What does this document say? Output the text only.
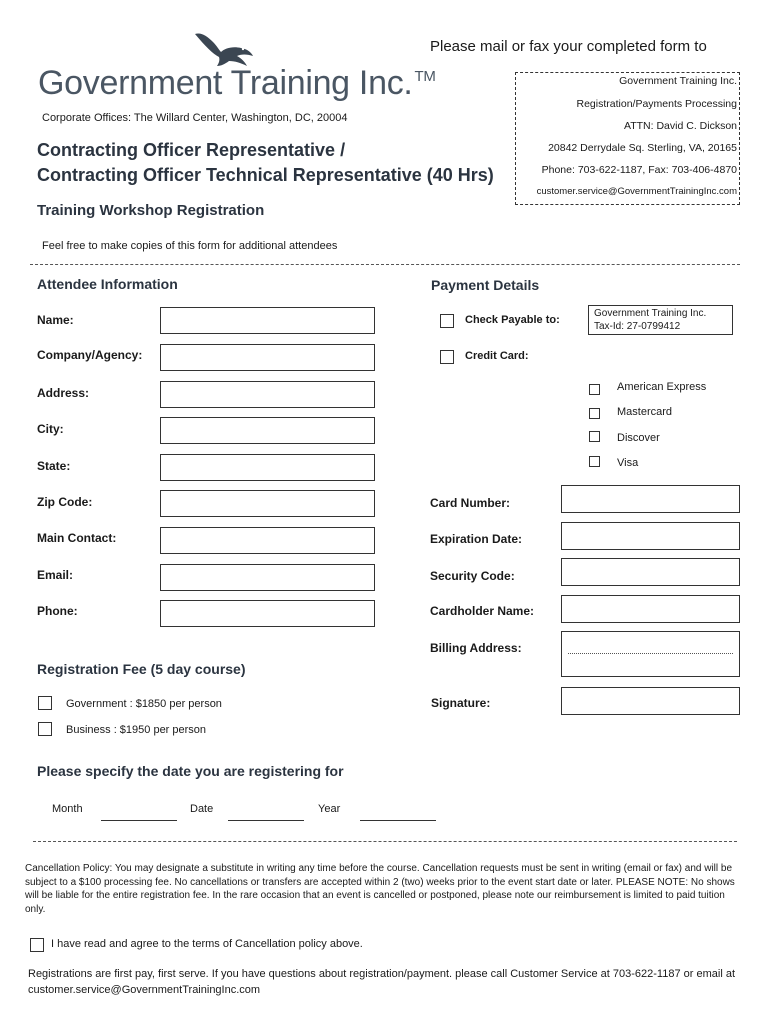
Government Training Inc. ™
Corporate Offices: The Willard Center, Washington, DC, 20004
Contracting Officer Representative /
Contracting Officer Technical Representative (40 Hrs)
Training Workshop Registration
Feel free to make copies of this form for additional attendees
Please mail or fax your completed form to
Government Training Inc.
Registration/Payments Processing
ATTN: David C. Dickson
20842 Derrydale Sq. Sterling, VA, 20165
Phone: 703-622-1187, Fax: 703-406-4870
customer.service@GovernmentTrainingInc.com
Attendee Information
Name:
Company/Agency:
Address:
City:
State:
Zip Code:
Main Contact:
Email:
Phone:
Payment Details
Check Payable to:
Government Training Inc.
Tax-Id: 27-0799412
Credit Card:
American Express
Mastercard
Discover
Visa
Card Number:
Expiration Date:
Security Code:
Cardholder Name:
Billing Address:
Signature:
Registration Fee (5 day course)
Government : $1850 per person
Business : $1950 per person
Please specify the date you are registering for
Month	Date	Year
Cancellation Policy: You may designate a substitute in writing any time before the course. Cancellation requests must be sent in writing (email or fax) and will be subject to a $100 processing fee. No cancellations or transfers are accepted within 2 (two) weeks prior to the event start date or later. PLEASE NOTE: No shows will be liable for the entire registration fee. In the rare occasion that an event is cancelled or postponed, please note our reimbursement is limited to paid tuition only.
I have read and agree to the terms of Cancellation policy above.
Registrations are first pay, first serve. If you have questions about registration/payment. please call Customer Service at 703-622-1187 or email at customer.service@GovernmentTrainingInc.com
